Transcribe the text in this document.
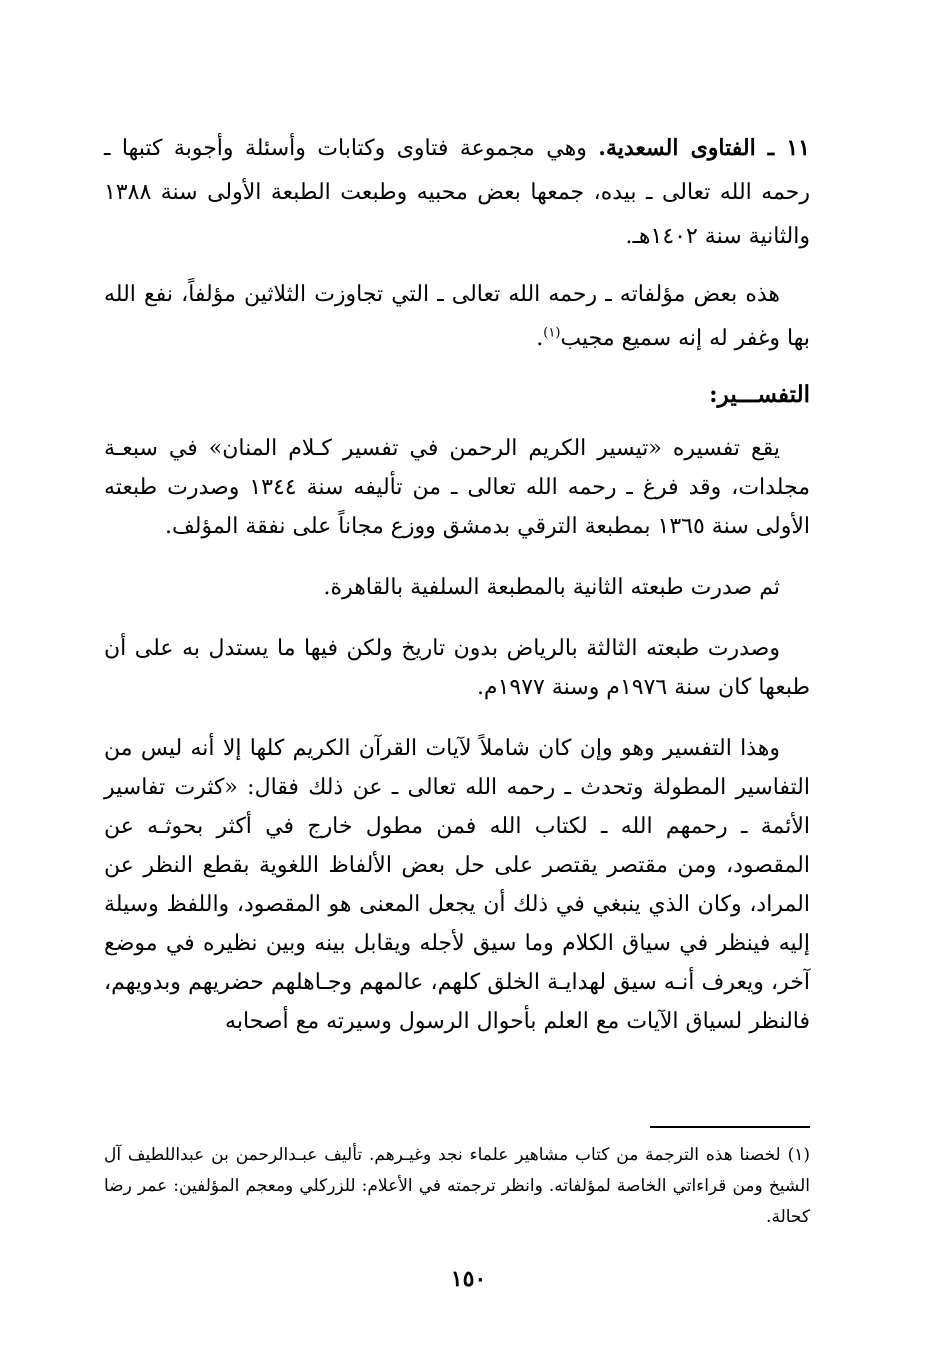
١١ ـ الفتاوى السعدية. وهي مجموعة فتاوى وكتابات وأسئلة وأجوبة كتبها ـ رحمه الله تعالى ـ بيده، جمعها بعض محبيه وطبعت الطبعة الأولى سنة ١٣٨٨ والثانية سنة ١٤٠٢هـ.

هذه بعض مؤلفاته ـ رحمه الله تعالى ـ التي تجاوزت الثلاثين مؤلفاً، نفع الله بها وغفر له إنه سميع مجيب$^{(١)}$.

التفســـير:

يقع تفسيره «تيسير الكريم الرحمن في تفسير كـلام المنان» في سبعـة مجلدات، وقد فرغ ـ رحمه الله تعالى ـ من تأليفه سنة ١٣٤٤ وصدرت طبعته الأولى سنة ١٣٦٥ بمطبعة الترقي بدمشق ووزع مجاناً على نفقة المؤلف.

ثم صدرت طبعته الثانية بالمطبعة السلفية بالقاهرة.

وصدرت طبعته الثالثة بالرياض بدون تاريخ ولكن فيها ما يستدل به على أن طبعها كان سنة ١٩٧٦م وسنة ١٩٧٧م.

وهذا التفسير وهو وإن كان شاملاً لآيات القرآن الكريم كلها إلا أنه ليس من التفاسير المطولة وتحدث ـ رحمه الله تعالى ـ عن ذلك فقال: «كثرت تفاسير الأئمة ـ رحمهم الله ـ لكتاب الله فمن مطول خارج في أكثر بحوثـه عن المقصود، ومن مقتصر يقتصر على حل بعض الألفاظ اللغوية بقطع النظر عن المراد، وكان الذي ينبغي في ذلك أن يجعل المعنى هو المقصود، واللفظ وسيلة إليه فينظر في سياق الكلام وما سيق لأجله ويقابل بينه وبين نظيره في موضع آخر، ويعرف أنـه سيق لهدايـة الخلق كلهم، عالمهم وجـاهلهم حضريهم وبدويهم، فالنظر لسياق الآيات مع العلم بأحوال الرسول وسيرته مع أصحابه

(١) لخصنا هذه الترجمة من كتاب مشاهير علماء نجد وغيـرهم. تأليف عبـدالرحمن بن عبداللطيف آل الشيخ ومن قراءاتي الخاصة لمؤلفاته. وانظر ترجمته في الأعلام: للزركلي ومعجم المؤلفين: عمر رضا كحالة.

١٥٠
